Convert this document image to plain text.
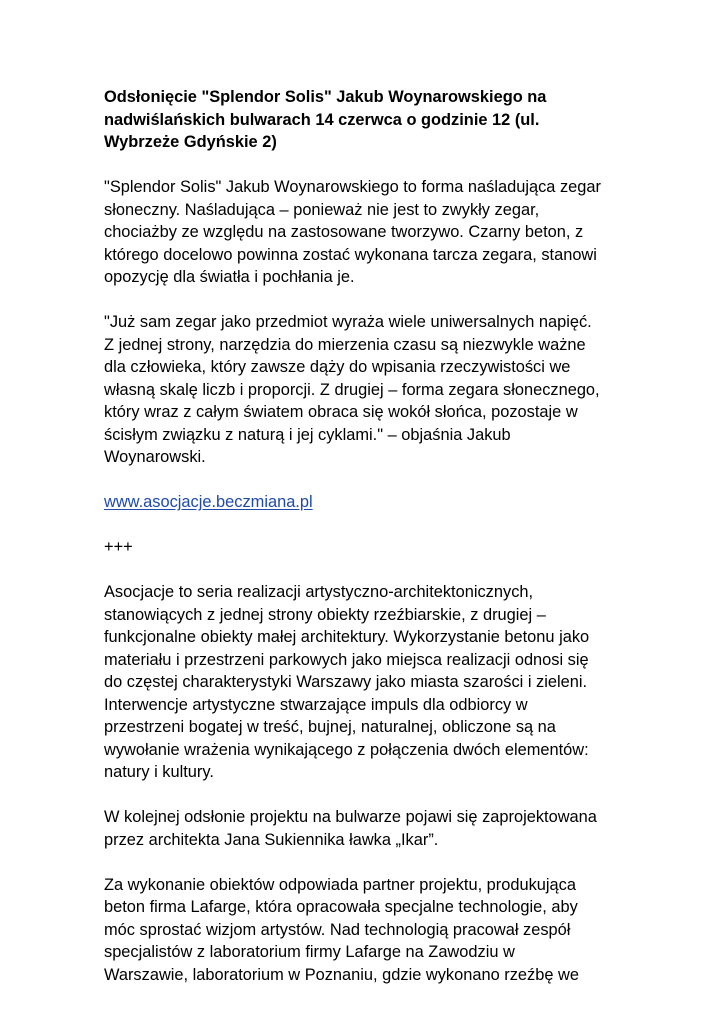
Odsłonięcie "Splendor Solis" Jakub Woynarowskiego na
nadwiślańskich bulwarach 14 czerwca o godzinie 12 (ul.
Wybrzeże Gdyńskie 2)
"Splendor Solis" Jakub Woynarowskiego to forma naśladująca zegar
słoneczny. Naśladująca – ponieważ nie jest to zwykły zegar,
chociażby ze względu na zastosowane tworzywo. Czarny beton, z
którego docelowo powinna zostać wykonana tarcza zegara, stanowi
opozycję dla światła i pochłania je.
"Już sam zegar jako przedmiot wyraża wiele uniwersalnych napięć.
Z jednej strony, narzędzia do mierzenia czasu są niezwykle ważne
dla człowieka, który zawsze dąży do wpisania rzeczywistości we
własną skalę liczb i proporcji. Z drugiej – forma zegara słonecznego,
który wraz z całym światem obraca się wokół słońca, pozostaje w
ścisłym związku z naturą i jej cyklami." – objaśnia Jakub
Woynarowski.
www.asocjacje.beczmiana.pl
+++
Asocjacje to seria realizacji artystyczno-architektonicznych,
stanowiących z jednej strony obiekty rzeźbiarskie, z drugiej –
funkcjonalne obiekty małej architektury. Wykorzystanie betonu jako
materiału i przestrzeni parkowych jako miejsca realizacji odnosi się
do częstej charakterystyki Warszawy jako miasta szarości i zieleni.
Interwencje artystyczne stwarzające impuls dla odbiorcy w
przestrzeni bogatej w treść, bujnej, naturalnej, obliczone są na
wywołanie wrażenia wynikającego z połączenia dwóch elementów:
natury i kultury.
W kolejnej odsłonie projektu na bulwarze pojawi się zaprojektowana
przez architekta Jana Sukiennika ławka „Ikar”.
Za wykonanie obiektów odpowiada partner projektu, produkująca
beton firma Lafarge, która opracowała specjalne technologie, aby
móc sprostać wizjom artystów. Nad technologią pracował zespół
specjalistów z laboratorium firmy Lafarge na Zawodziu w
Warszawie, laboratorium w Poznaniu, gdzie wykonano rzeźbę we
